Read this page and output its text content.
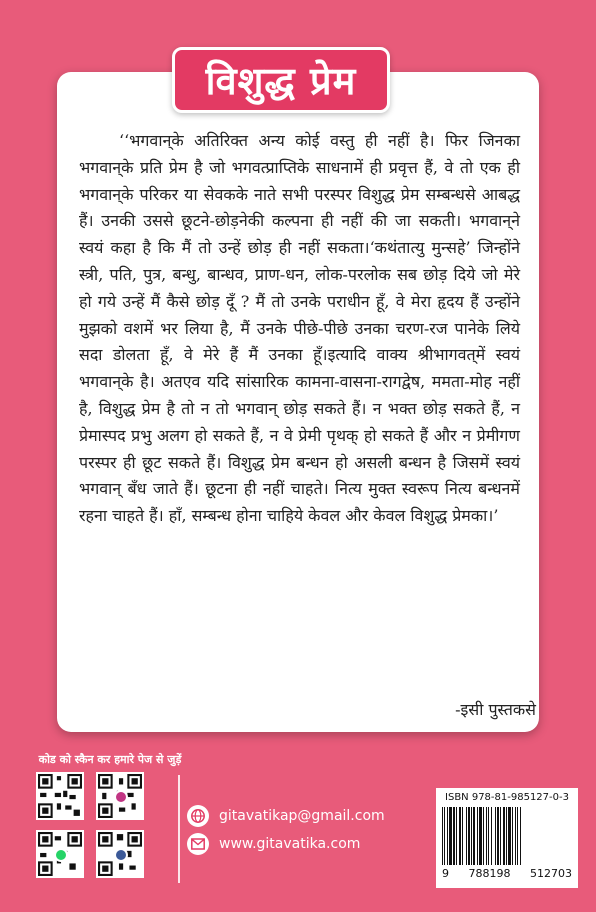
विशुद्ध प्रेम

‘‘भगवान्‌के अतिरिक्त अन्य कोई वस्तु ही नहीं है। फिर जिनका भगवान्‌के प्रति प्रेम है जो भगवत्प्राप्तिके साधनामें ही प्रवृत्त हैं, वे तो एक ही भगवान्‌के परिकर या सेवकके नाते सभी परस्पर विशुद्ध प्रेम सम्बन्धसे आबद्ध हैं। उनकी उससे छूटने-छोड़नेकी कल्पना ही नहीं की जा सकती। भगवान्‌ने स्वयं कहा है कि मैं तो उन्हें छोड़ ही नहीं सकता।‘कथंतात्यु मुन्सहे’ जिन्होंने स्त्री, पति, पुत्र, बन्धु, बान्धव, प्राण-धन, लोक-परलोक सब छोड़ दिये जो मेरे हो गये उन्हें मैं कैसे छोड़ दूँ ? मैं तो उनके पराधीन हूँ, वे मेरा हृदय हैं उन्होंने मुझको वशमें भर लिया है, मैं उनके पीछे-पीछे उनका चरण-रज पानेके लिये सदा डोलता हूँ, वे मेरे हैं मैं उनका हूँ।इत्यादि वाक्य श्रीभागवत्‌में स्वयं भगवान्‌के है। अतएव यदि सांसारिक कामना-वासना-रागद्वेष, ममता-मोह नहीं है, विशुद्ध प्रेम है तो न तो भगवान् छोड़ सकते हैं। न भक्त छोड़ सकते हैं, न प्रेमास्पद प्रभु अलग हो सकते हैं, न वे प्रेमी पृथक् हो सकते हैं और न प्रेमीगण परस्पर ही छूट सकते हैं। विशुद्ध प्रेम बन्धन हो असली बन्धन है जिसमें स्वयं भगवान् बँध जाते हैं। छूटना ही नहीं चाहते। नित्य मुक्त स्वरूप नित्य बन्धनमें रहना चाहते हैं। हाँ, सम्बन्ध होना चाहिये केवल और केवल विशुद्ध प्रेमका।’

-इसी पुस्तकसे
कोड को स्कैन कर हमारे पेज से जुड़ें
gitavatikap@gmail.com
www.gitavatika.com
ISBN 978-81-985127-0-3
9 788198 512703
